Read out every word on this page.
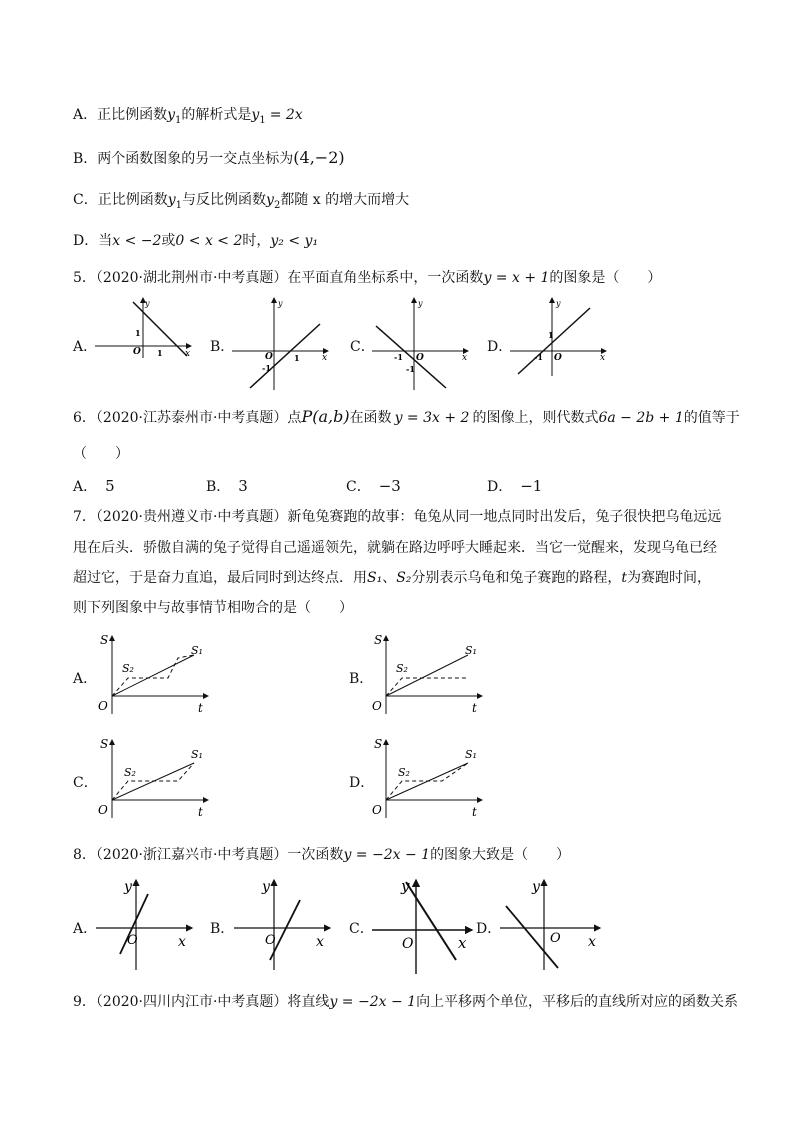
A．正比例函数$y_1$的解析式是$y_1 = 2x$
B．两个函数图象的另一交点坐标为(4,−2)
C．正比例函数$y_1$与反比例函数$y_2$都随 x 的增大而增大
D．当x < −2或0 < x < 2时，y₂ < y₁
5．（2020·湖北荆州市·中考真题）在平面直角坐标系中，一次函数y = x + 1的图象是（　　）
A．	B．	C．	D．
y
x
O
1
1
y
x
O	1
-1
y
x
O
-1
-1
y
x
O
1
-1
6．（2020·江苏泰州市·中考真题）点P(a,b)在函数 y = 3x + 2 的图像上，则代数式6a − 2b + 1的值等于
（　　）
A． 5	B． 3	C． −3	D． −1
7．（2020·贵州遵义市·中考真题）新龟兔赛跑的故事：龟兔从同一地点同时出发后，兔子很快把乌龟远远
甩在后头．骄傲自满的兔子觉得自己遥遥领先，就躺在路边呼呼大睡起来．当它一觉醒来，发现乌龟已经
超过它，于是奋力直追，最后同时到达终点．用S₁、S₂分别表示乌龟和兔子赛跑的路程，t为赛跑时间，
则下列图象中与故事情节相吻合的是（　　）
A．	B．
C．	D．
S
O	t
S₁
S₂
S
O	t
S₁
S₂
S
O	t
S₁
S₂
S
O	t
S₁
S₂
8．（2020·浙江嘉兴市·中考真题）一次函数y = −2x − 1的图象大致是（　　）
A．	B．	C．	D．
y
x
O
y
x
O
y
x
O
y
x
O
9．（2020·四川内江市·中考真题）将直线y = −2x − 1向上平移两个单位，平移后的直线所对应的函数关系
